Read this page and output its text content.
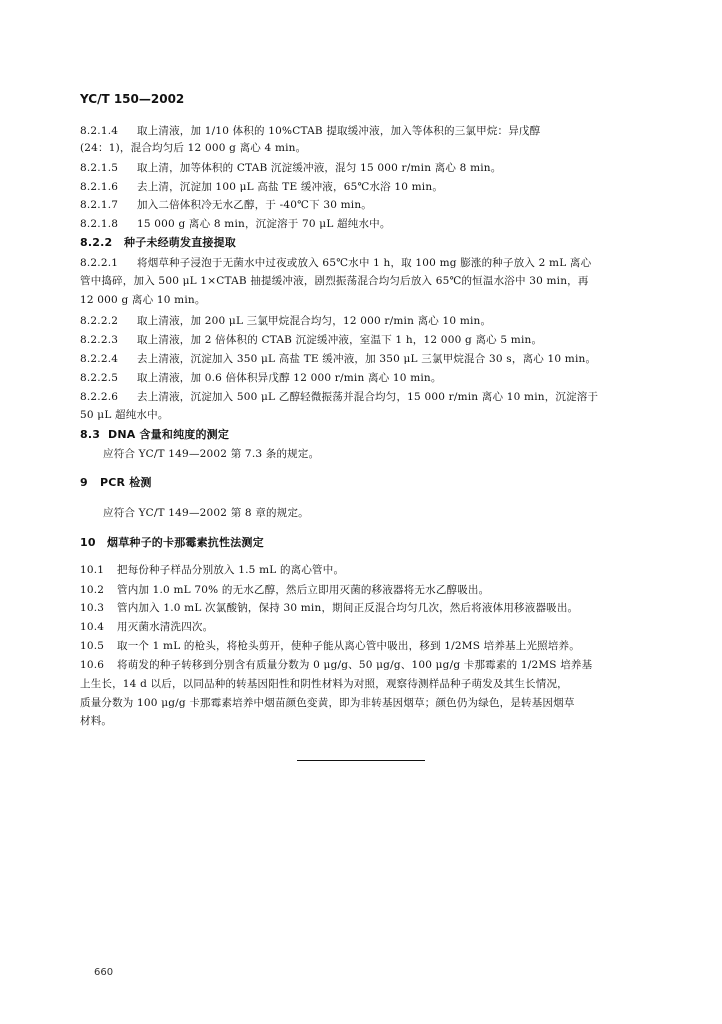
YC/T 150—2002
8.2.1.4 取上清液，加 1/10 体积的 10%CTAB 提取缓冲液，加入等体积的三氯甲烷：异戊醇
(24：1)，混合均匀后 12 000 g 离心 4 min。
8.2.1.5 取上清，加等体积的 CTAB 沉淀缓冲液，混匀 15 000 r/min 离心 8 min。
8.2.1.6 去上清，沉淀加 100 μL 高盐 TE 缓冲液，65℃水浴 10 min。
8.2.1.7 加入二倍体积冷无水乙醇，于 -40℃下 30 min。
8.2.1.8 15 000 g 离心 8 min，沉淀溶于 70 μL 超纯水中。
8.2.2 种子未经萌发直接提取
8.2.2.1 将烟草种子浸泡于无菌水中过夜或放入 65℃水中 1 h，取 100 mg 膨涨的种子放入 2 mL 离心
管中捣碎，加入 500 μL 1×CTAB 抽提缓冲液，剧烈振荡混合均匀后放入 65℃的恒温水浴中 30 min，再
12 000 g 离心 10 min。
8.2.2.2 取上清液，加 200 μL 三氯甲烷混合均匀，12 000 r/min 离心 10 min。
8.2.2.3 取上清液，加 2 倍体积的 CTAB 沉淀缓冲液，室温下 1 h，12 000 g 离心 5 min。
8.2.2.4 去上清液，沉淀加入 350 μL 高盐 TE 缓冲液，加 350 μL 三氯甲烷混合 30 s，离心 10 min。
8.2.2.5 取上清液，加 0.6 倍体积异戊醇 12 000 r/min 离心 10 min。
8.2.2.6 去上清液，沉淀加入 500 μL 乙醇轻微振荡并混合均匀，15 000 r/min 离心 10 min，沉淀溶于
50 μL 超纯水中。
8.3 DNA 含量和纯度的测定
应符合 YC/T 149—2002 第 7.3 条的规定。
9 PCR 检测
应符合 YC/T 149—2002 第 8 章的规定。
10 烟草种子的卡那霉素抗性法测定
10.1 把每份种子样品分别放入 1.5 mL 的离心管中。
10.2 管内加 1.0 mL 70% 的无水乙醇，然后立即用灭菌的移液器将无水乙醇吸出。
10.3 管内加入 1.0 mL 次氯酸钠，保持 30 min，期间正反混合均匀几次，然后将液体用移液器吸出。
10.4 用灭菌水清洗四次。
10.5 取一个 1 mL 的枪头，将枪头剪开，使种子能从离心管中吸出，移到 1/2MS 培养基上光照培养。
10.6 将萌发的种子转移到分别含有质量分数为 0 μg/g、50 μg/g、100 μg/g 卡那霉素的 1/2MS 培养基
上生长，14 d 以后，以同品种的转基因阳性和阴性材料为对照，观察待测样品种子萌发及其生长情况，
质量分数为 100 μg/g 卡那霉素培养中烟苗颜色变黄，即为非转基因烟草；颜色仍为绿色，是转基因烟草
材料。
660
